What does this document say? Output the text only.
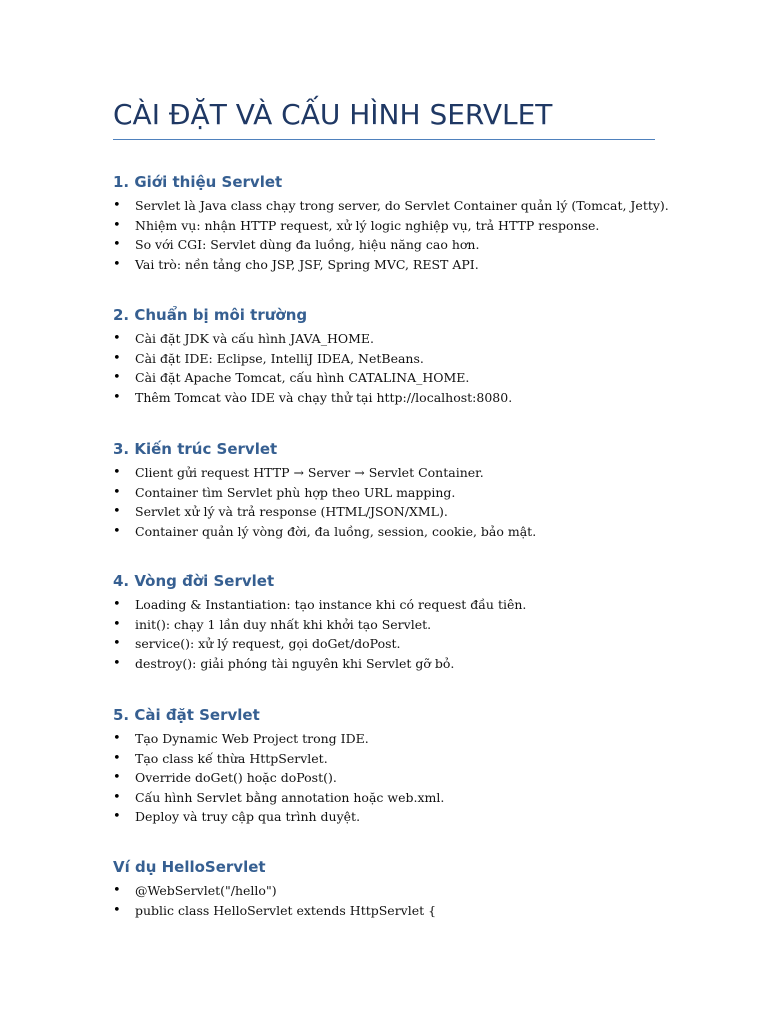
CÀI ĐẶT VÀ CẤU HÌNH SERVLET
1. Giới thiệu Servlet
• Servlet là Java class chạy trong server, do Servlet Container quản lý (Tomcat, Jetty).
• Nhiệm vụ: nhận HTTP request, xử lý logic nghiệp vụ, trả HTTP response.
• So với CGI: Servlet dùng đa luồng, hiệu năng cao hơn.
• Vai trò: nền tảng cho JSP, JSF, Spring MVC, REST API.
2. Chuẩn bị môi trường
• Cài đặt JDK và cấu hình JAVA_HOME.
• Cài đặt IDE: Eclipse, IntelliJ IDEA, NetBeans.
• Cài đặt Apache Tomcat, cấu hình CATALINA_HOME.
• Thêm Tomcat vào IDE và chạy thử tại http://localhost:8080.
3. Kiến trúc Servlet
• Client gửi request HTTP → Server → Servlet Container.
• Container tìm Servlet phù hợp theo URL mapping.
• Servlet xử lý và trả response (HTML/JSON/XML).
• Container quản lý vòng đời, đa luồng, session, cookie, bảo mật.
4. Vòng đời Servlet
• Loading & Instantiation: tạo instance khi có request đầu tiên.
• init(): chạy 1 lần duy nhất khi khởi tạo Servlet.
• service(): xử lý request, gọi doGet/doPost.
• destroy(): giải phóng tài nguyên khi Servlet gỡ bỏ.
5. Cài đặt Servlet
• Tạo Dynamic Web Project trong IDE.
• Tạo class kế thừa HttpServlet.
• Override doGet() hoặc doPost().
• Cấu hình Servlet bằng annotation hoặc web.xml.
• Deploy và truy cập qua trình duyệt.
Ví dụ HelloServlet
• @WebServlet("/hello")
• public class HelloServlet extends HttpServlet {
